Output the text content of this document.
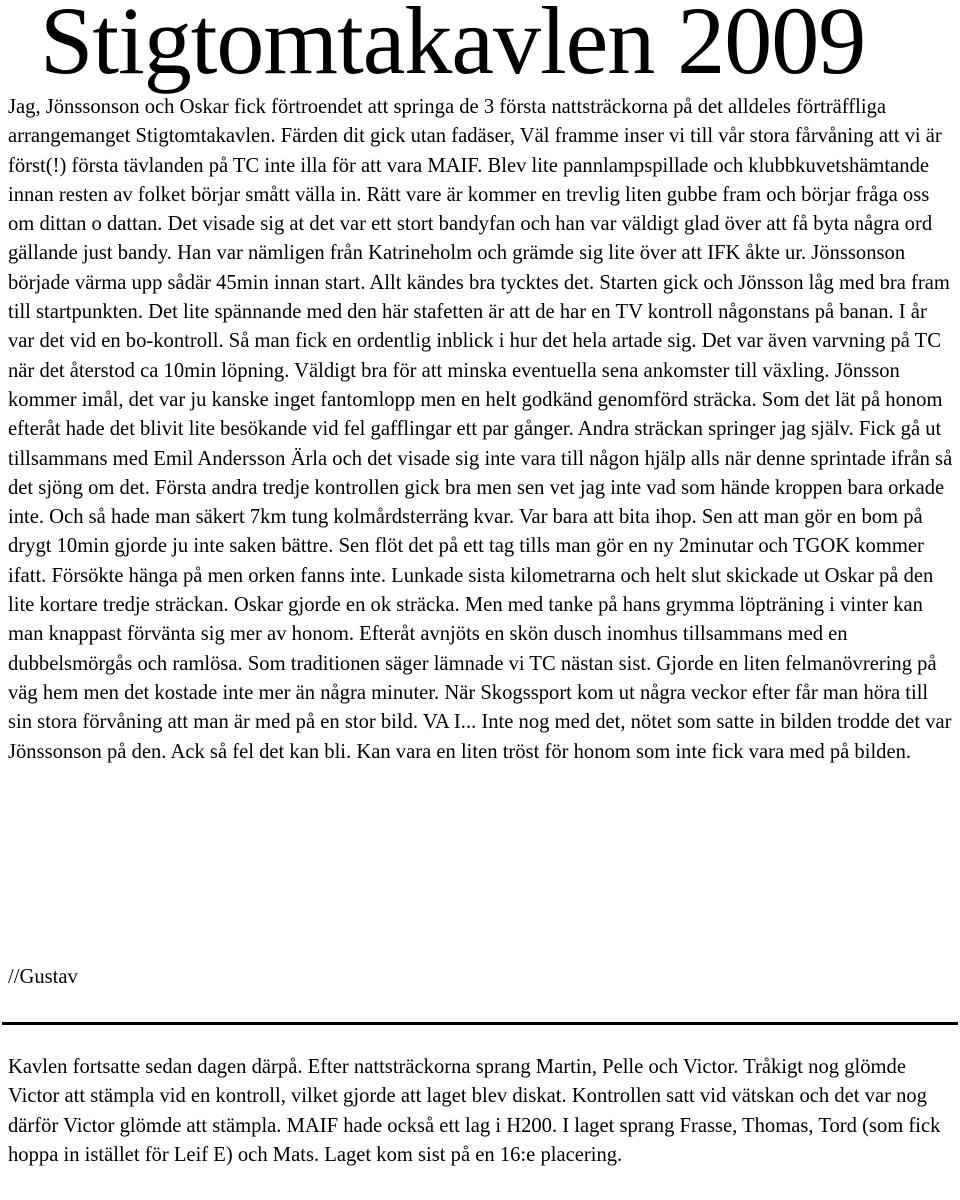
Stigtomtakavlen 2009

Jag, Jönssonson och Oskar fick förtroendet att springa de 3 första nattsträckorna på det alldeles förträffliga arrangemanget Stigtomtakavlen. Färden dit gick utan fadäser, Väl framme inser vi till vår stora fårvåning att vi är först(!) första tävlanden på TC inte illa för att vara MAIF. Blev lite pannlampspillade och klubbkuvetshämtande innan resten av folket börjar smått välla in. Rätt vare är kommer en trevlig liten gubbe fram och börjar fråga oss om dittan o dattan. Det visade sig at det var ett stort bandyfan och han var väldigt glad över att få byta några ord gällande just bandy. Han var nämligen från Katrineholm och grämde sig lite över att IFK åkte ur. Jönssonson började värma upp sådär 45min innan start. Allt kändes bra tycktes det. Starten gick och Jönsson låg med bra fram till startpunkten. Det lite spännande med den här stafetten är att de har en TV kontroll någonstans på banan. I år var det vid en bo-kontroll. Så man fick en ordentlig inblick i hur det hela artade sig. Det var även varvning på TC när det återstod ca 10min löpning. Väldigt bra för att minska eventuella sena ankomster till växling. Jönsson kommer imål, det var ju kanske inget fantomlopp men en helt godkänd genomförd sträcka. Som det lät på honom efteråt hade det blivit lite besökande vid fel gafflingar ett par gånger. Andra sträckan springer jag själv. Fick gå ut tillsammans med Emil Andersson Ärla och det visade sig inte vara till någon hjälp alls när denne sprintade ifrån så det sjöng om det. Första andra tredje kontrollen gick bra men sen vet jag inte vad som hände kroppen bara orkade inte. Och så hade man säkert 7km tung kolmårdsterräng kvar. Var bara att bita ihop. Sen att man gör en bom på drygt 10min gjorde ju inte saken bättre. Sen flöt det på ett tag tills man gör en ny 2minutar och TGOK kommer ifatt. Försökte hänga på men orken fanns inte. Lunkade sista kilometrarna och helt slut skickade ut Oskar på den lite kortare tredje sträckan. Oskar gjorde en ok sträcka. Men med tanke på hans grymma löpträning i vinter kan man knappast förvänta sig mer av honom. Efteråt avnjöts en skön dusch inomhus tillsammans med en dubbelsmörgås och ramlösa. Som traditionen säger lämnade vi TC nästan sist. Gjorde en liten felmanövrering på väg hem men det kostade inte mer än några minuter. När Skogssport kom ut några veckor efter får man höra till sin stora förvåning att man är med på en stor bild. VA I... Inte nog med det, nötet som satte in bilden trodde det var Jönssonson på den. Ack så fel det kan bli. Kan vara en liten tröst för honom som inte fick vara med på bilden.

//Gustav

Kavlen fortsatte sedan dagen därpå. Efter nattsträckorna sprang Martin, Pelle och Victor. Tråkigt nog glömde Victor att stämpla vid en kontroll, vilket gjorde att laget blev diskat. Kontrollen satt vid vätskan och det var nog därför Victor glömde att stämpla. MAIF hade också ett lag i H200. I laget sprang Frasse, Thomas, Tord (som fick hoppa in istället för Leif E) och Mats. Laget kom sist på en 16:e placering.
